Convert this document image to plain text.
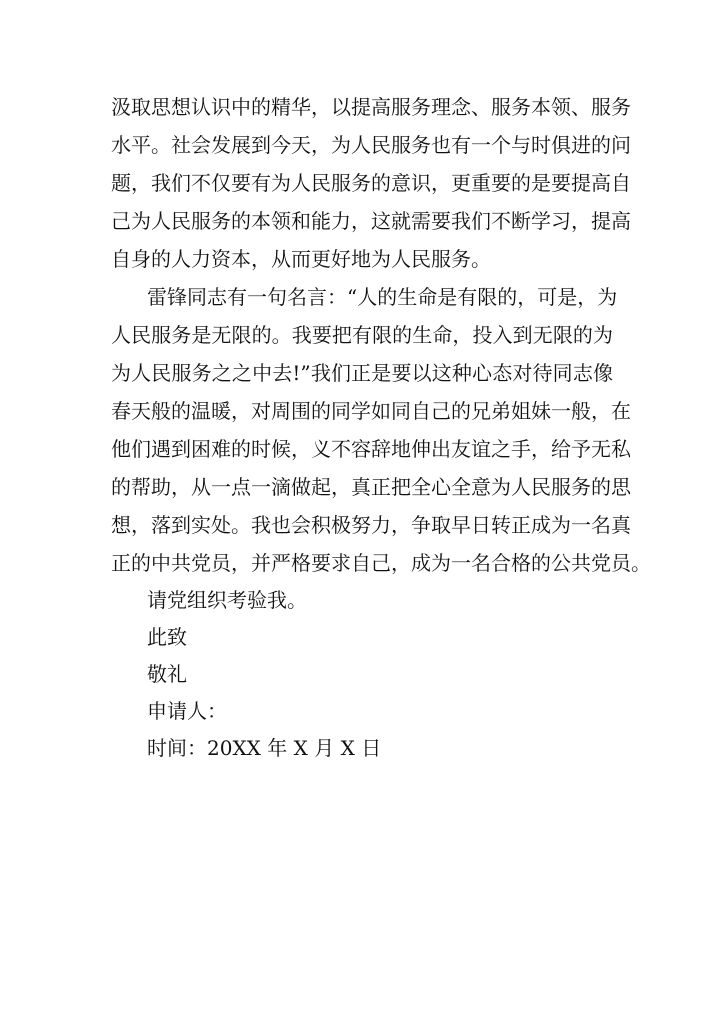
汲取思想认识中的精华，以提高服务理念、服务本领、服务
水平。社会发展到今天，为人民服务也有一个与时俱进的问
题，我们不仅要有为人民服务的意识，更重要的是要提高自
己为人民服务的本领和能力，这就需要我们不断学习，提高
自身的人力资本，从而更好地为人民服务。
雷锋同志有一句名言：“人的生命是有限的，可是，为
人民服务是无限的。我要把有限的生命，投入到无限的为
为人民服务之之中去!”我们正是要以这种心态对待同志像
春天般的温暖，对周围的同学如同自己的兄弟姐妹一般，在
他们遇到困难的时候，义不容辞地伸出友谊之手，给予无私
的帮助，从一点一滴做起，真正把全心全意为人民服务的思
想，落到实处。我也会积极努力，争取早日转正成为一名真
正的中共党员，并严格要求自己，成为一名合格的公共党员。
请党组织考验我。
此致
敬礼
申请人：
时间：20XX 年 X 月 X 日
